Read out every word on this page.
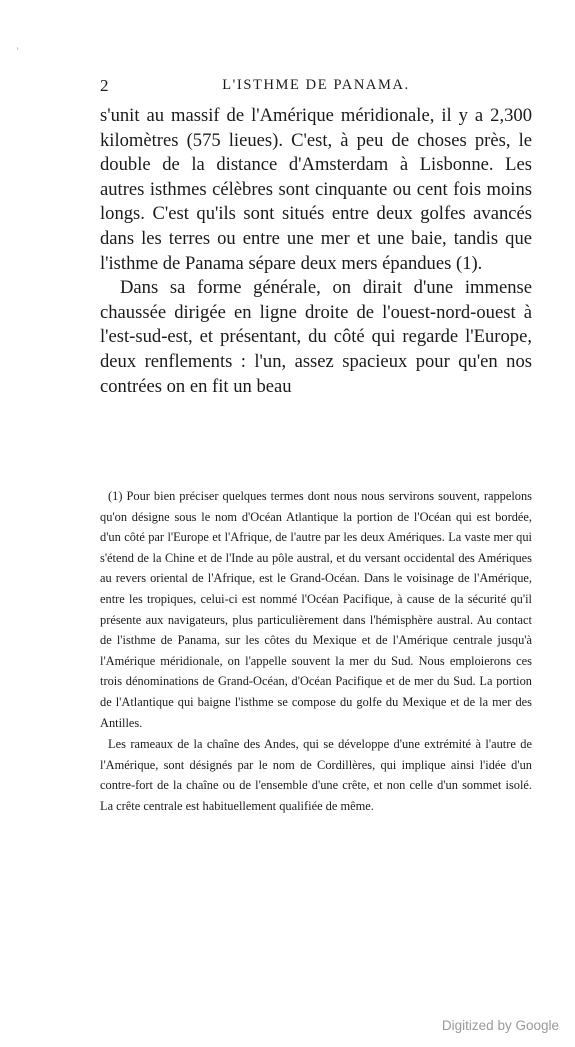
˒
2	L'ISTHME DE PANAMA.

s'unit au massif de l'Amérique méridionale, il y a 2,300 kilomètres (575 lieues). C'est, à peu de choses près, le double de la distance d'Amsterdam à Lisbonne. Les autres isthmes célèbres sont cinquante ou cent fois moins longs. C'est qu'ils sont situés entre deux golfes avancés dans les terres ou entre une mer et une baie, tandis que l'isthme de Panama sépare deux mers épandues (1).

Dans sa forme générale, on dirait d'une immense chaussée dirigée en ligne droite de l'ouest-nord-ouest à l'est-sud-est, et présentant, du côté qui regarde l'Europe, deux renflements : l'un, assez spacieux pour qu'en nos contrées on en fit un beau

(1) Pour bien préciser quelques termes dont nous nous servirons souvent, rappelons qu'on désigne sous le nom d'Océan Atlantique la portion de l'Océan qui est bordée, d'un côté par l'Europe et l'Afrique, de l'autre par les deux Amériques. La vaste mer qui s'étend de la Chine et de l'Inde au pôle austral, et du versant occidental des Amériques au revers oriental de l'Afrique, est le Grand-Océan. Dans le voisinage de l'Amérique, entre les tropiques, celui-ci est nommé l'Océan Pacifique, à cause de la sécurité qu'il présente aux navigateurs, plus particulièrement dans l'hémisphère austral. Au contact de l'isthme de Panama, sur les côtes du Mexique et de l'Amérique centrale jusqu'à l'Amérique méridionale, on l'appelle souvent la mer du Sud. Nous emploierons ces trois dénominations de Grand-Océan, d'Océan Pacifique et de mer du Sud. La portion de l'Atlantique qui baigne l'isthme se compose du golfe du Mexique et de la mer des Antilles.

Les rameaux de la chaîne des Andes, qui se développe d'une extrémité à l'autre de l'Amérique, sont désignés par le nom de Cordillères, qui implique ainsi l'idée d'un contre-fort de la chaîne ou de l'ensemble d'une crête, et non celle d'un sommet isolé. La crête centrale est habituellement qualifiée de même.

Digitized by Google
